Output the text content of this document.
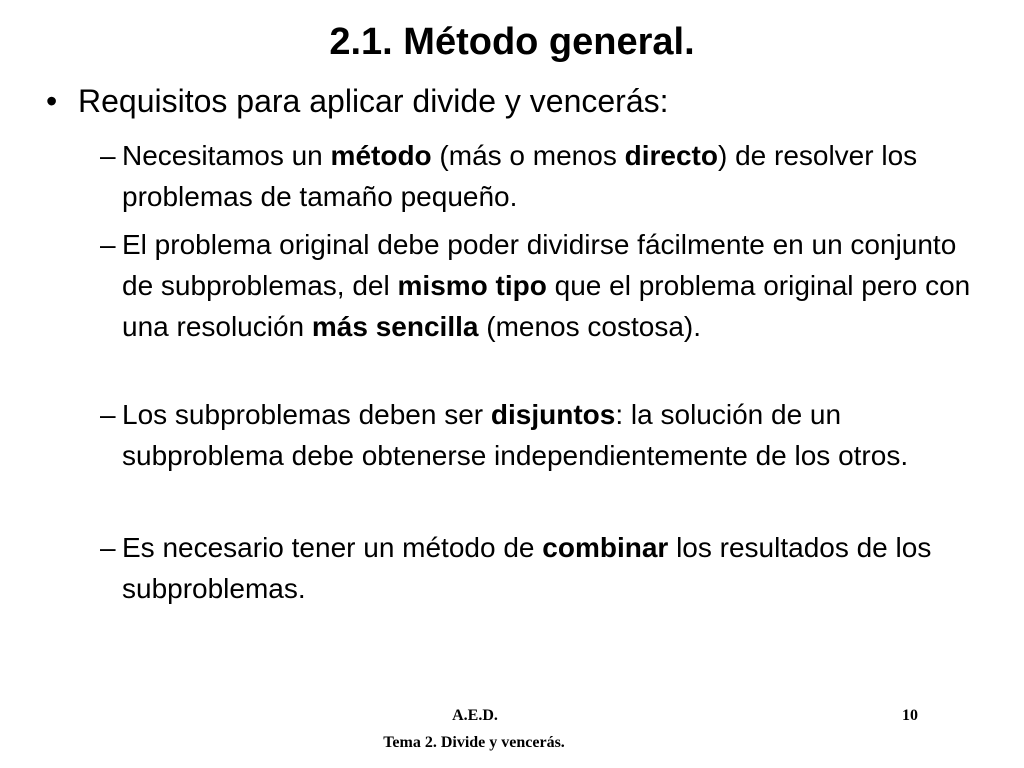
2.1. Método general.
• Requisitos para aplicar divide y vencerás:
– Necesitamos un método (más o menos directo) de resolver los problemas de tamaño pequeño.
– El problema original debe poder dividirse fácilmente en un conjunto de subproblemas, del mismo tipo que el problema original pero con una resolución más sencilla (menos costosa).
– Los subproblemas deben ser disjuntos: la solución de un subproblema debe obtenerse independientemente de los otros.
– Es necesario tener un método de combinar los resultados de los subproblemas.
A.E.D.
Tema 2. Divide y vencerás.
10
